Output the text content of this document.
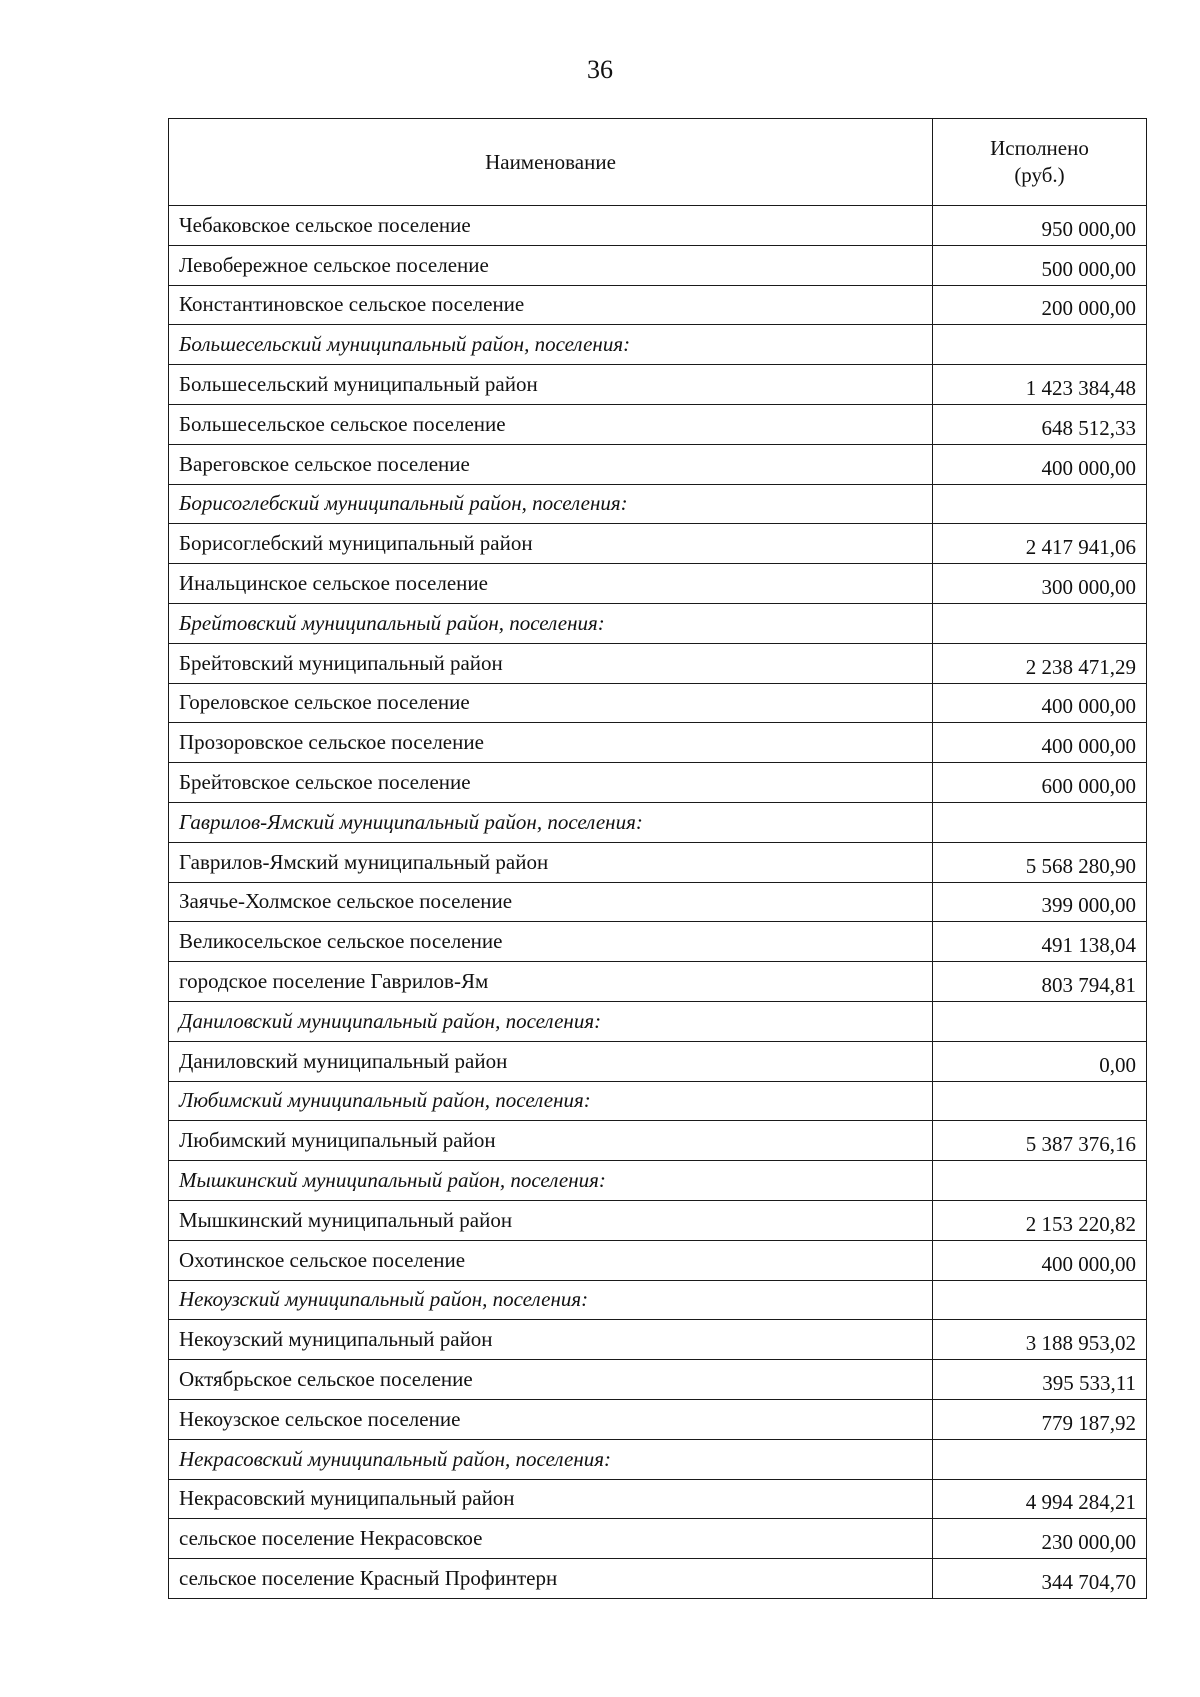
36
Наименование	Исполнено
(руб.)

Чебаковское сельское поселение	950 000,00
Левобережное сельское поселение	500 000,00
Константиновское сельское поселение	200 000,00
Большесельский муниципальный район, поселения:	
Большесельский муниципальный район	1 423 384,48
Большесельское сельское поселение	648 512,33
Вареговское сельское поселение	400 000,00
Борисоглебский муниципальный район, поселения:	
Борисоглебский муниципальный район	2 417 941,06
Инальцинское сельское поселение	300 000,00
Брейтовский муниципальный район, поселения:	
Брейтовский муниципальный район	2 238 471,29
Гореловское сельское поселение	400 000,00
Прозоровское сельское поселение	400 000,00
Брейтовское сельское поселение	600 000,00
Гаврилов-Ямский муниципальный район, поселения:	
Гаврилов-Ямский муниципальный район	5 568 280,90
Заячье-Холмское сельское поселение	399 000,00
Великосельское сельское поселение	491 138,04
городское поселение Гаврилов-Ям	803 794,81
Даниловский муниципальный район, поселения:	
Даниловский муниципальный район	0,00
Любимский муниципальный район, поселения:	
Любимский муниципальный район	5 387 376,16
Мышкинский муниципальный район, поселения:	
Мышкинский муниципальный район	2 153 220,82
Охотинское сельское поселение	400 000,00
Некоузский муниципальный район, поселения:	
Некоузский муниципальный район	3 188 953,02
Октябрьское сельское поселение	395 533,11
Некоузское сельское поселение	779 187,92
Некрасовский муниципальный район, поселения:	
Некрасовский муниципальный район	4 994 284,21
сельское поселение Некрасовское	230 000,00
сельское поселение Красный Профинтерн	344 704,70
